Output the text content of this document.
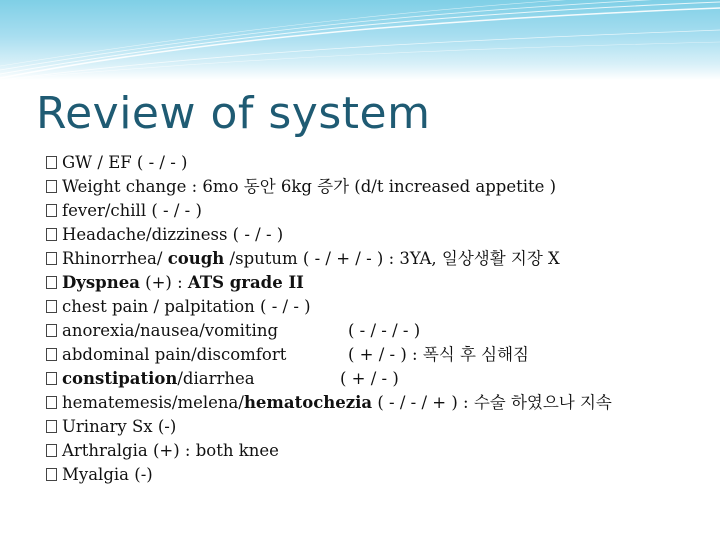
Review of system
GW / EF ( - / - )
Weight change : 6mo 동안 6kg 증가 (d/t increased appetite )
fever/chill ( - / - )
Headache/dizziness ( - / - )
Rhinorrhea/ cough /sputum ( - / + / - ) : 3YA, 일상생활 지장 X
Dyspnea (+) : ATS grade II
chest pain / palpitation ( - / - )
anorexia/nausea/vomiting	( - / - / - )
abdominal pain/discomfort	( + / - ) : 폭식 후 심해짐
constipation/diarrhea	( + / - )
hematemesis/melena/hematochezia ( - / - / + ) : 수술 하였으나 지속
Urinary Sx (-)
Arthralgia (+) : both knee
Myalgia (-)
